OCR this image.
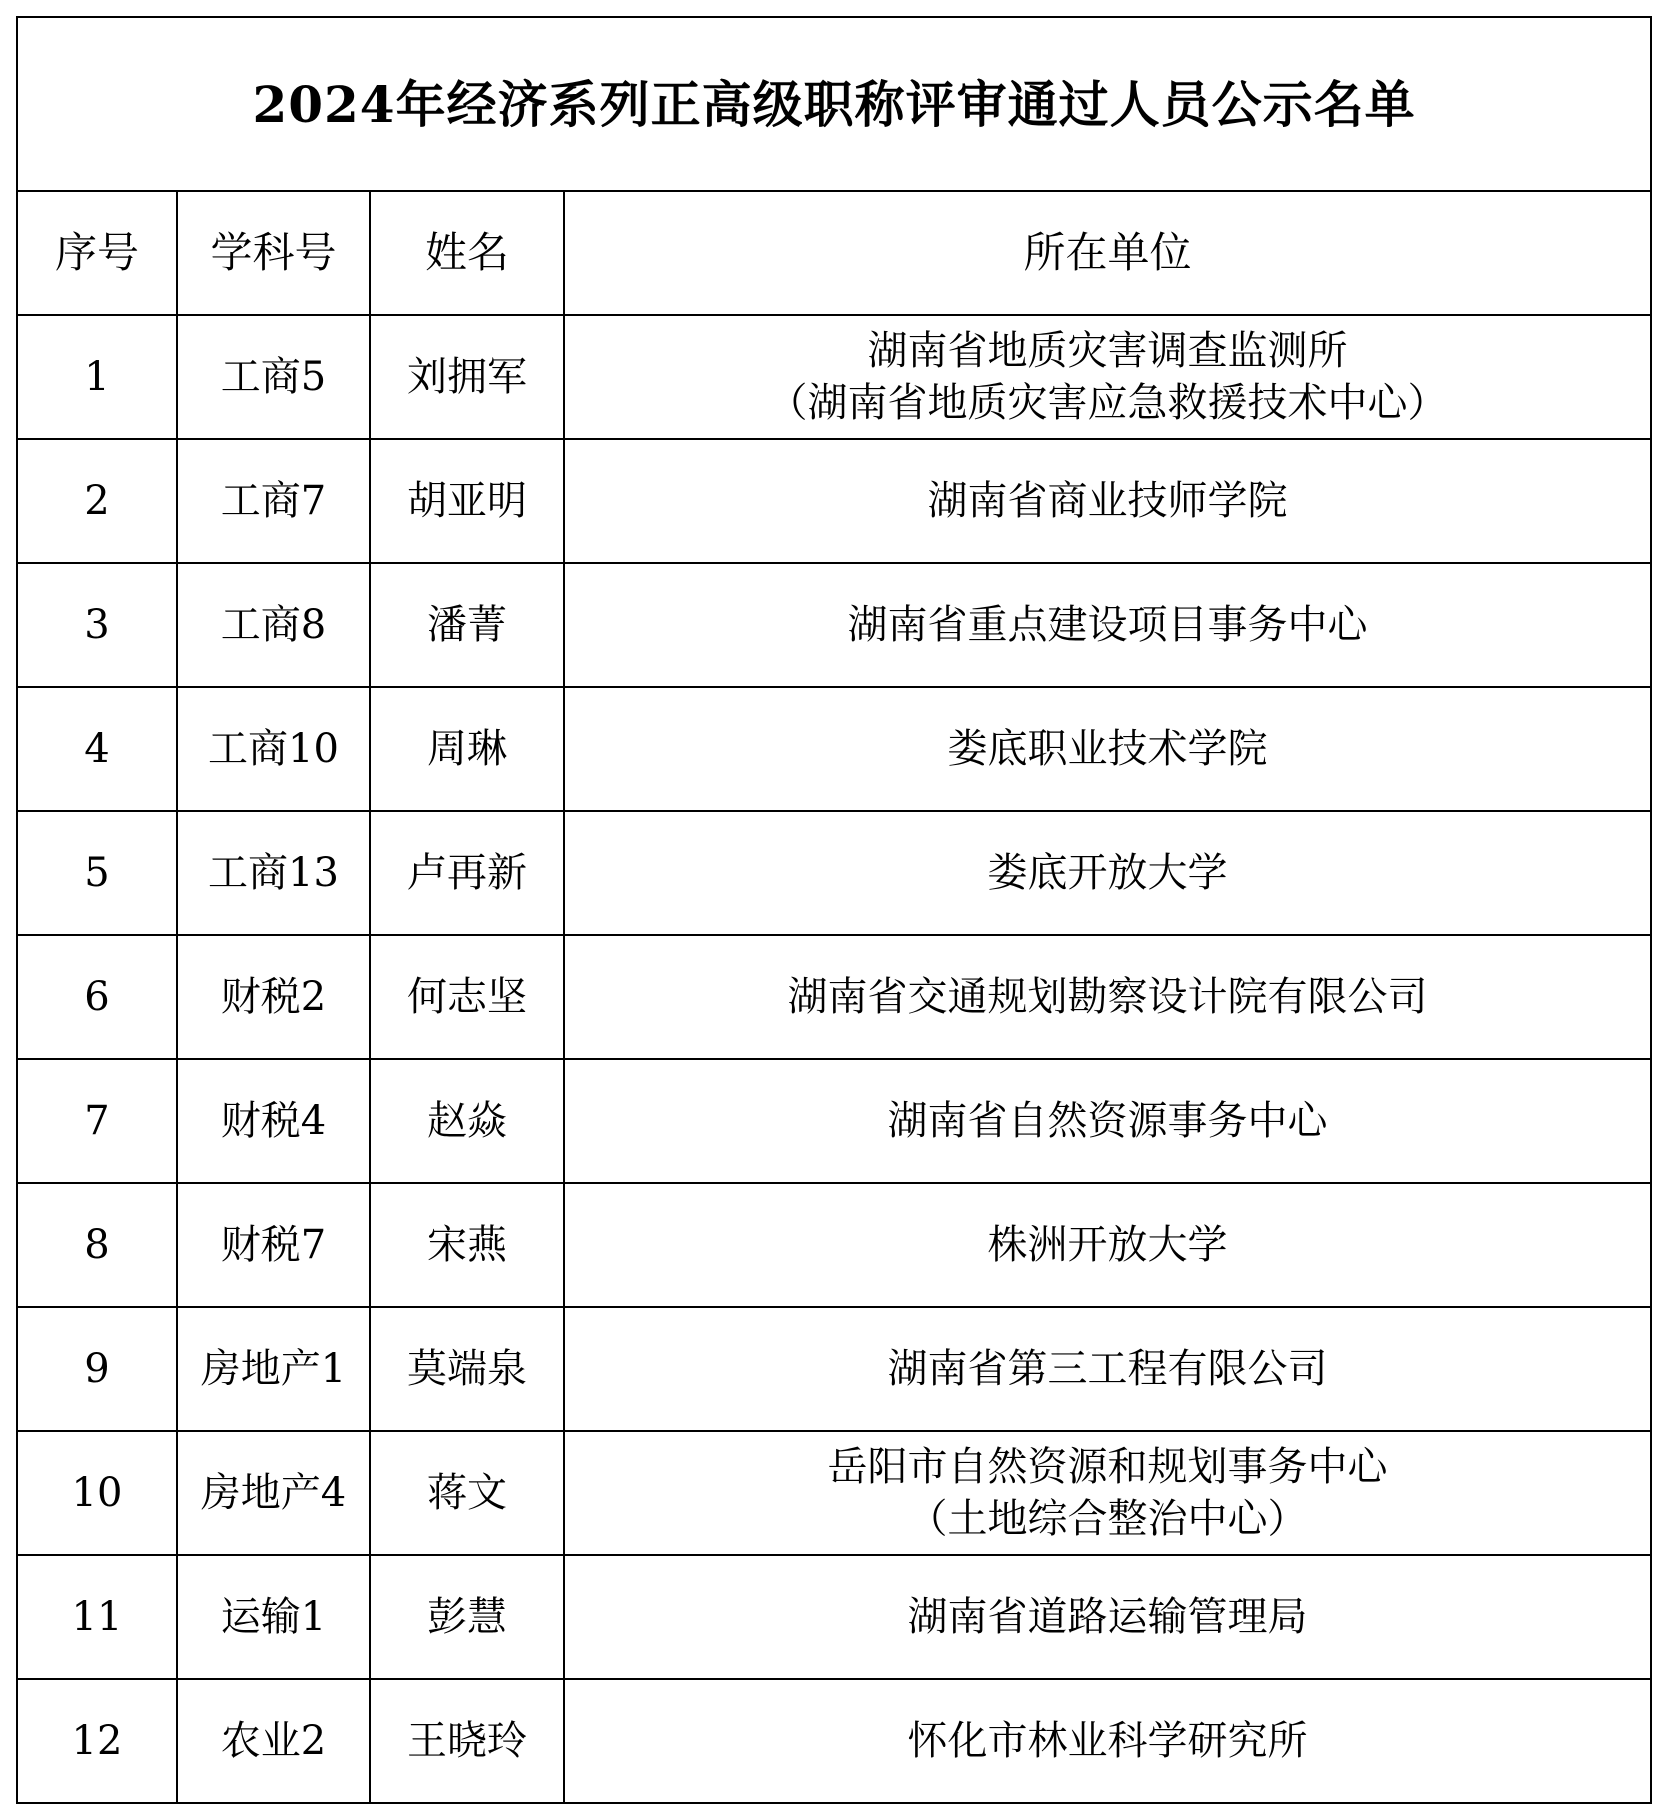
2024年经济系列正高级职称评审通过人员公示名单			
序号	学科号	姓名	所在单位
1	工商5	刘拥军	湖南省地质灾害调查监测所
（湖南省地质灾害应急救援技术中心）

2	工商7	胡亚明	湖南省商业技师学院

3	工商8	潘菁	湖南省重点建设项目事务中心

4	工商10	周琳	娄底职业技术学院

5	工商13	卢再新	娄底开放大学

6	财税2	何志坚	湖南省交通规划勘察设计院有限公司

7	财税4	赵焱	湖南省自然资源事务中心

8	财税7	宋燕	株洲开放大学

9	房地产1	莫端泉	湖南省第三工程有限公司

10	房地产4	蒋文	岳阳市自然资源和规划事务中心
（土地综合整治中心）

11	运输1	彭慧	湖南省道路运输管理局

12	农业2	王晓玲	怀化市林业科学研究所
